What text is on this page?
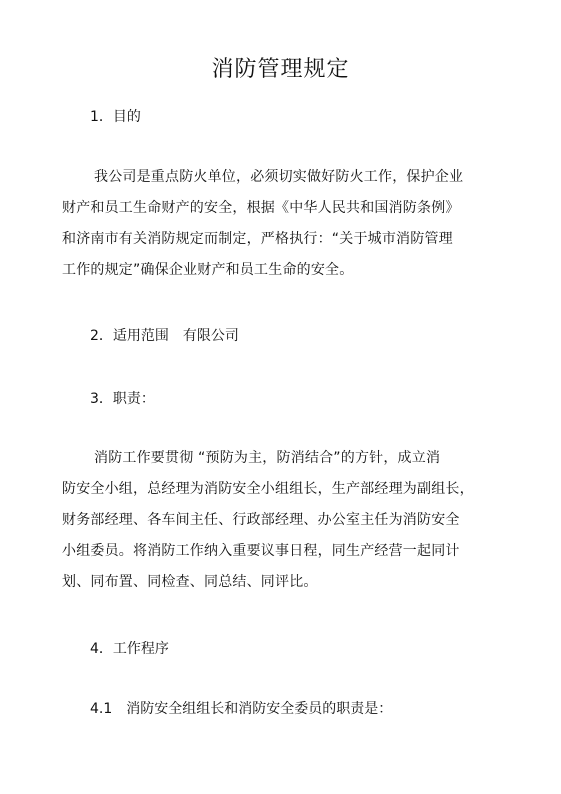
消防管理规定
1．目的
我公司是重点防火单位，必须切实做好防火工作，保护企业
财产和员工生命财产的安全，根据《中华人民共和国消防条例》
和济南市有关消防规定而制定，严格执行：“关于城市消防管理
工作的规定”确保企业财产和员工生命的安全。
2．适用范围　有限公司
3．职责：
消防工作要贯彻 “预防为主，防消结合”的方针，成立消
防安全小组，总经理为消防安全小组组长，生产部经理为副组长，
财务部经理、各车间主任、行政部经理、办公室主任为消防安全
小组委员。将消防工作纳入重要议事日程，同生产经营一起同计
划、同布置、同检查、同总结、同评比。
4．工作程序
4.1　消防安全组组长和消防安全委员的职责是：
